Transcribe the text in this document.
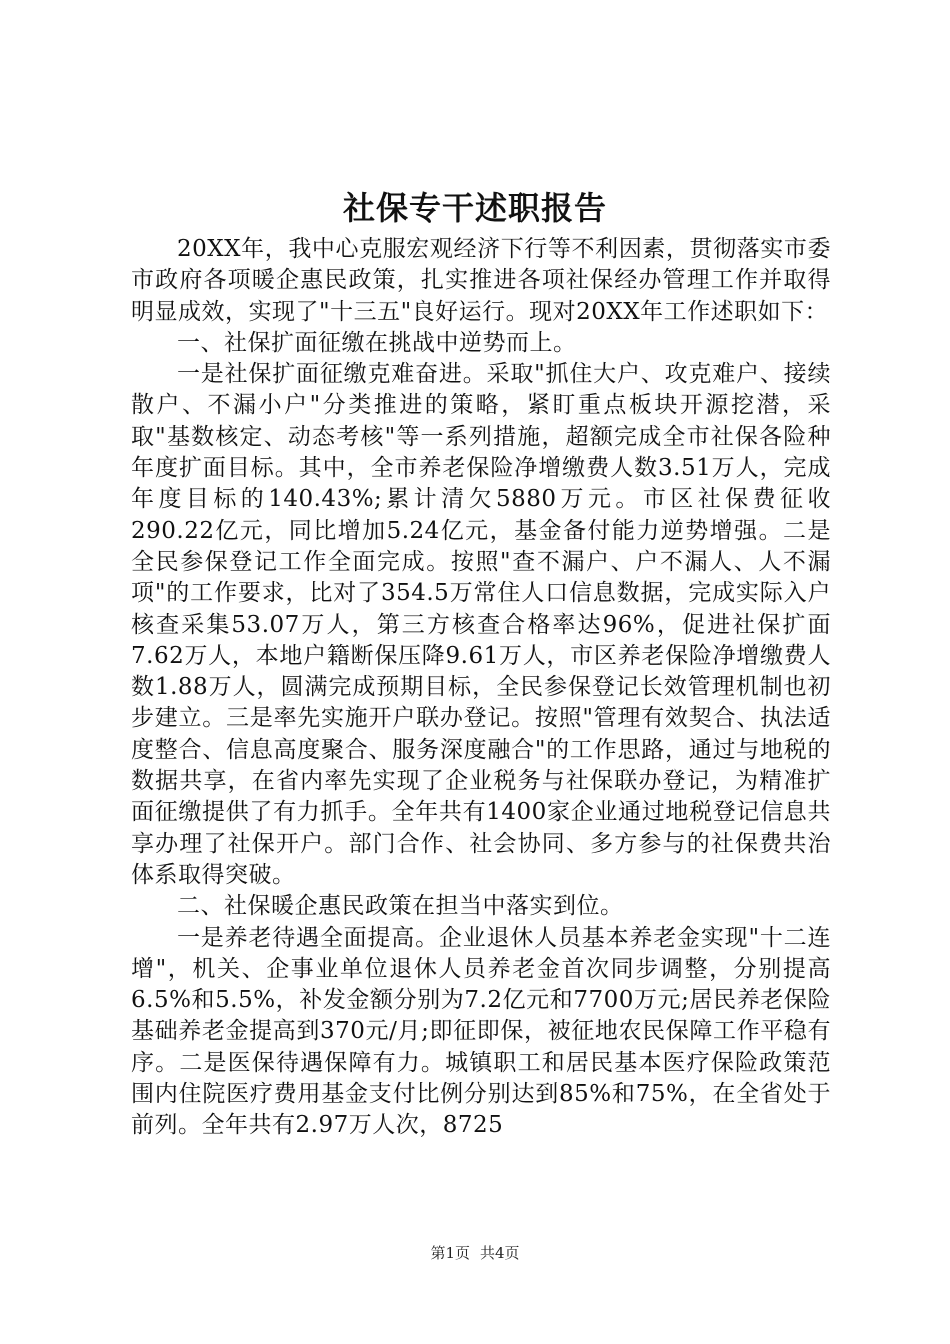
社保专干述职报告

20XX年，我中心克服宏观经济下行等不利因素，贯彻落实市委市政府各项暖企惠民政策，扎实推进各项社保经办管理工作并取得明显成效，实现了"十三五"良好运行。现对20XX年工作述职如下：

一、社保扩面征缴在挑战中逆势而上。

一是社保扩面征缴克难奋进。采取"抓住大户、攻克难户、接续散户、不漏小户"分类推进的策略，紧盯重点板块开源挖潜，采取"基数核定、动态考核"等一系列措施，超额完成全市社保各险种年度扩面目标。其中，全市养老保险净增缴费人数3.51万人，完成年度目标的140.43%;累计清欠5880万元。市区社保费征收290.22亿元，同比增加5.24亿元，基金备付能力逆势增强。二是全民参保登记工作全面完成。按照"查不漏户、户不漏人、人不漏项"的工作要求，比对了354.5万常住人口信息数据，完成实际入户核查采集53.07万人，第三方核查合格率达96%，促进社保扩面7.62万人，本地户籍断保压降9.61万人，市区养老保险净增缴费人数1.88万人，圆满完成预期目标，全民参保登记长效管理机制也初步建立。三是率先实施开户联办登记。按照"管理有效契合、执法适度整合、信息高度聚合、服务深度融合"的工作思路，通过与地税的数据共享，在省内率先实现了企业税务与社保联办登记，为精准扩面征缴提供了有力抓手。全年共有1400家企业通过地税登记信息共享办理了社保开户。部门合作、社会协同、多方参与的社保费共治体系取得突破。

二、社保暖企惠民政策在担当中落实到位。

一是养老待遇全面提高。企业退休人员基本养老金实现"十二连增"，机关、企事业单位退休人员养老金首次同步调整，分别提高6.5%和5.5%，补发金额分别为7.2亿元和7700万元;居民养老保险基础养老金提高到370元/月;即征即保，被征地农民保障工作平稳有序。二是医保待遇保障有力。城镇职工和居民基本医疗保险政策范围内住院医疗费用基金支付比例分别达到85%和75%，在全省处于前列。全年共有2.97万人次，8725

第1页 共4页
